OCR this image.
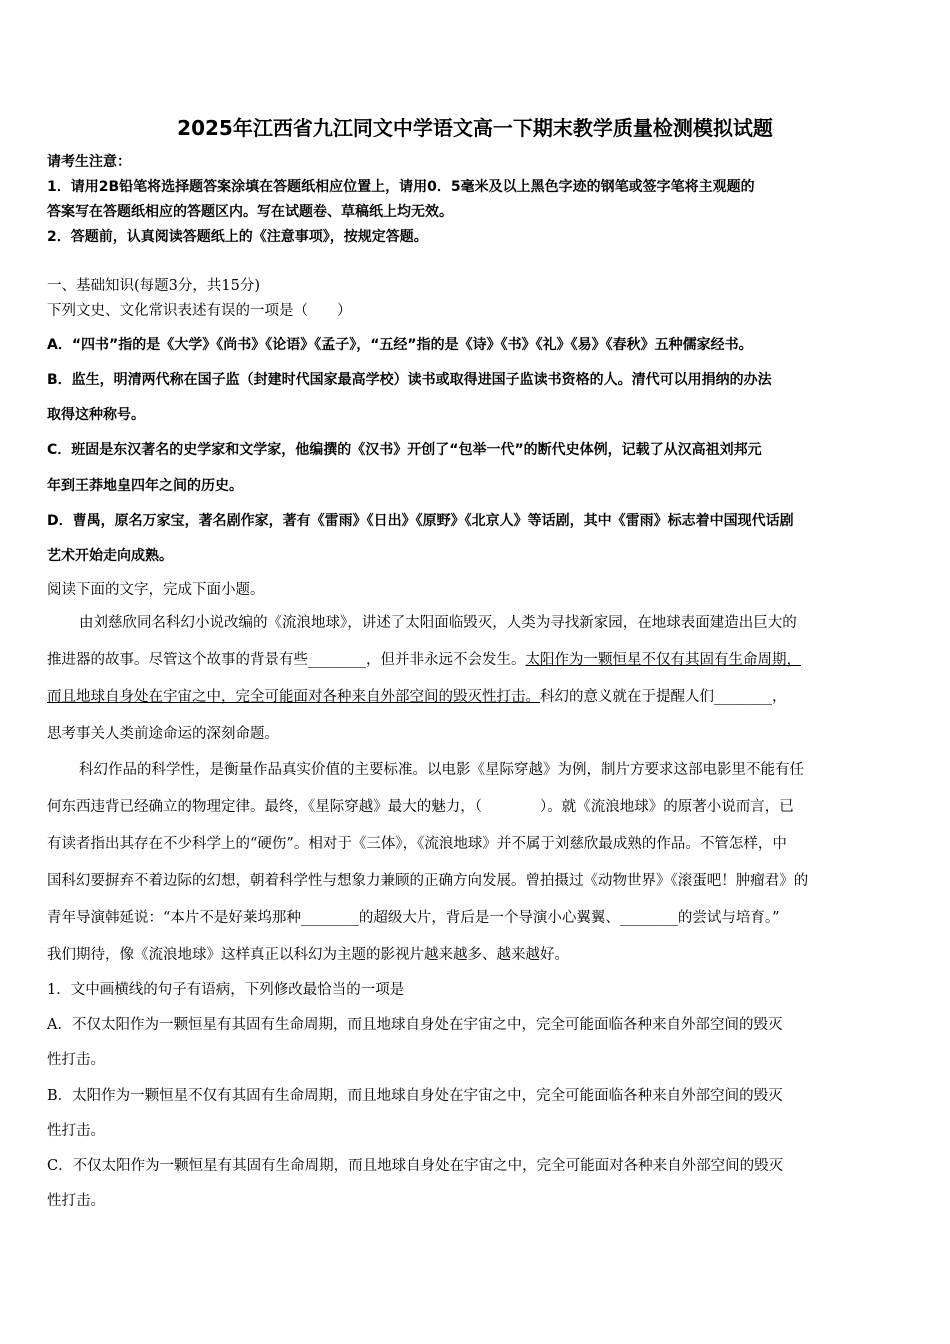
2025年江西省九江同文中学语文高一下期末教学质量检测模拟试题
请考生注意：
1．请用2B铅笔将选择题答案涂填在答题纸相应位置上，请用0．5毫米及以上黑色字迹的钢笔或签字笔将主观题的
答案写在答题纸相应的答题区内。写在试题卷、草稿纸上均无效。
2．答题前，认真阅读答题纸上的《注意事项》，按规定答题。
一、基础知识(每题3分，共15分)
下列文史、文化常识表述有误的一项是（　　）
A．“四书”指的是《大学》《尚书》《论语》《孟子》，“五经”指的是《诗》《书》《礼》《易》《春秋》五种儒家经书。
B．监生，明清两代称在国子监（封建时代国家最高学校）读书或取得进国子监读书资格的人。清代可以用捐纳的办法
取得这种称号。
C．班固是东汉著名的史学家和文学家，他编撰的《汉书》开创了“包举一代”的断代史体例，记载了从汉高祖刘邦元
年到王莽地皇四年之间的历史。
D．曹禺，原名万家宝，著名剧作家，著有《雷雨》《日出》《原野》《北京人》等话剧，其中《雷雨》标志着中国现代话剧
艺术开始走向成熟。
阅读下面的文字，完成下面小题。
由刘慈欣同名科幻小说改编的《流浪地球》，讲述了太阳面临毁灭，人类为寻找新家园，在地球表面建造出巨大的
推进器的故事。尽管这个故事的背景有些________，但并非永远不会发生。太阳作为一颗恒星不仅有其固有生命周期，
而且地球自身处在宇宙之中，完全可能面对各种来自外部空间的毁灭性打击。科幻的意义就在于提醒人们________，
思考事关人类前途命运的深刻命题。
科幻作品的科学性，是衡量作品真实价值的主要标准。以电影《星际穿越》为例，制片方要求这部电影里不能有任
何东西违背已经确立的物理定律。最终，《星际穿越》最大的魅力，（　　　　）。就《流浪地球》的原著小说而言，已
有读者指出其存在不少科学上的“硬伤”。相对于《三体》，《流浪地球》并不属于刘慈欣最成熟的作品。不管怎样，中
国科幻要摒弃不着边际的幻想，朝着科学性与想象力兼顾的正确方向发展。曾拍摄过《动物世界》《滚蛋吧！肿瘤君》的
青年导演韩延说：“本片不是好莱坞那种________的超级大片，背后是一个导演小心翼翼、________的尝试与培育。”
我们期待，像《流浪地球》这样真正以科幻为主题的影视片越来越多、越来越好。
1．文中画横线的句子有语病，下列修改最恰当的一项是
A．不仅太阳作为一颗恒星有其固有生命周期，而且地球自身处在宇宙之中，完全可能面临各种来自外部空间的毁灭
性打击。
B．太阳作为一颗恒星不仅有其固有生命周期，而且地球自身处在宇宙之中，完全可能面临各种来自外部空间的毁灭
性打击。
C．不仅太阳作为一颗恒星有其固有生命周期，而且地球自身处在宇宙之中，完全可能面对各种来自外部空间的毁灭
性打击。
